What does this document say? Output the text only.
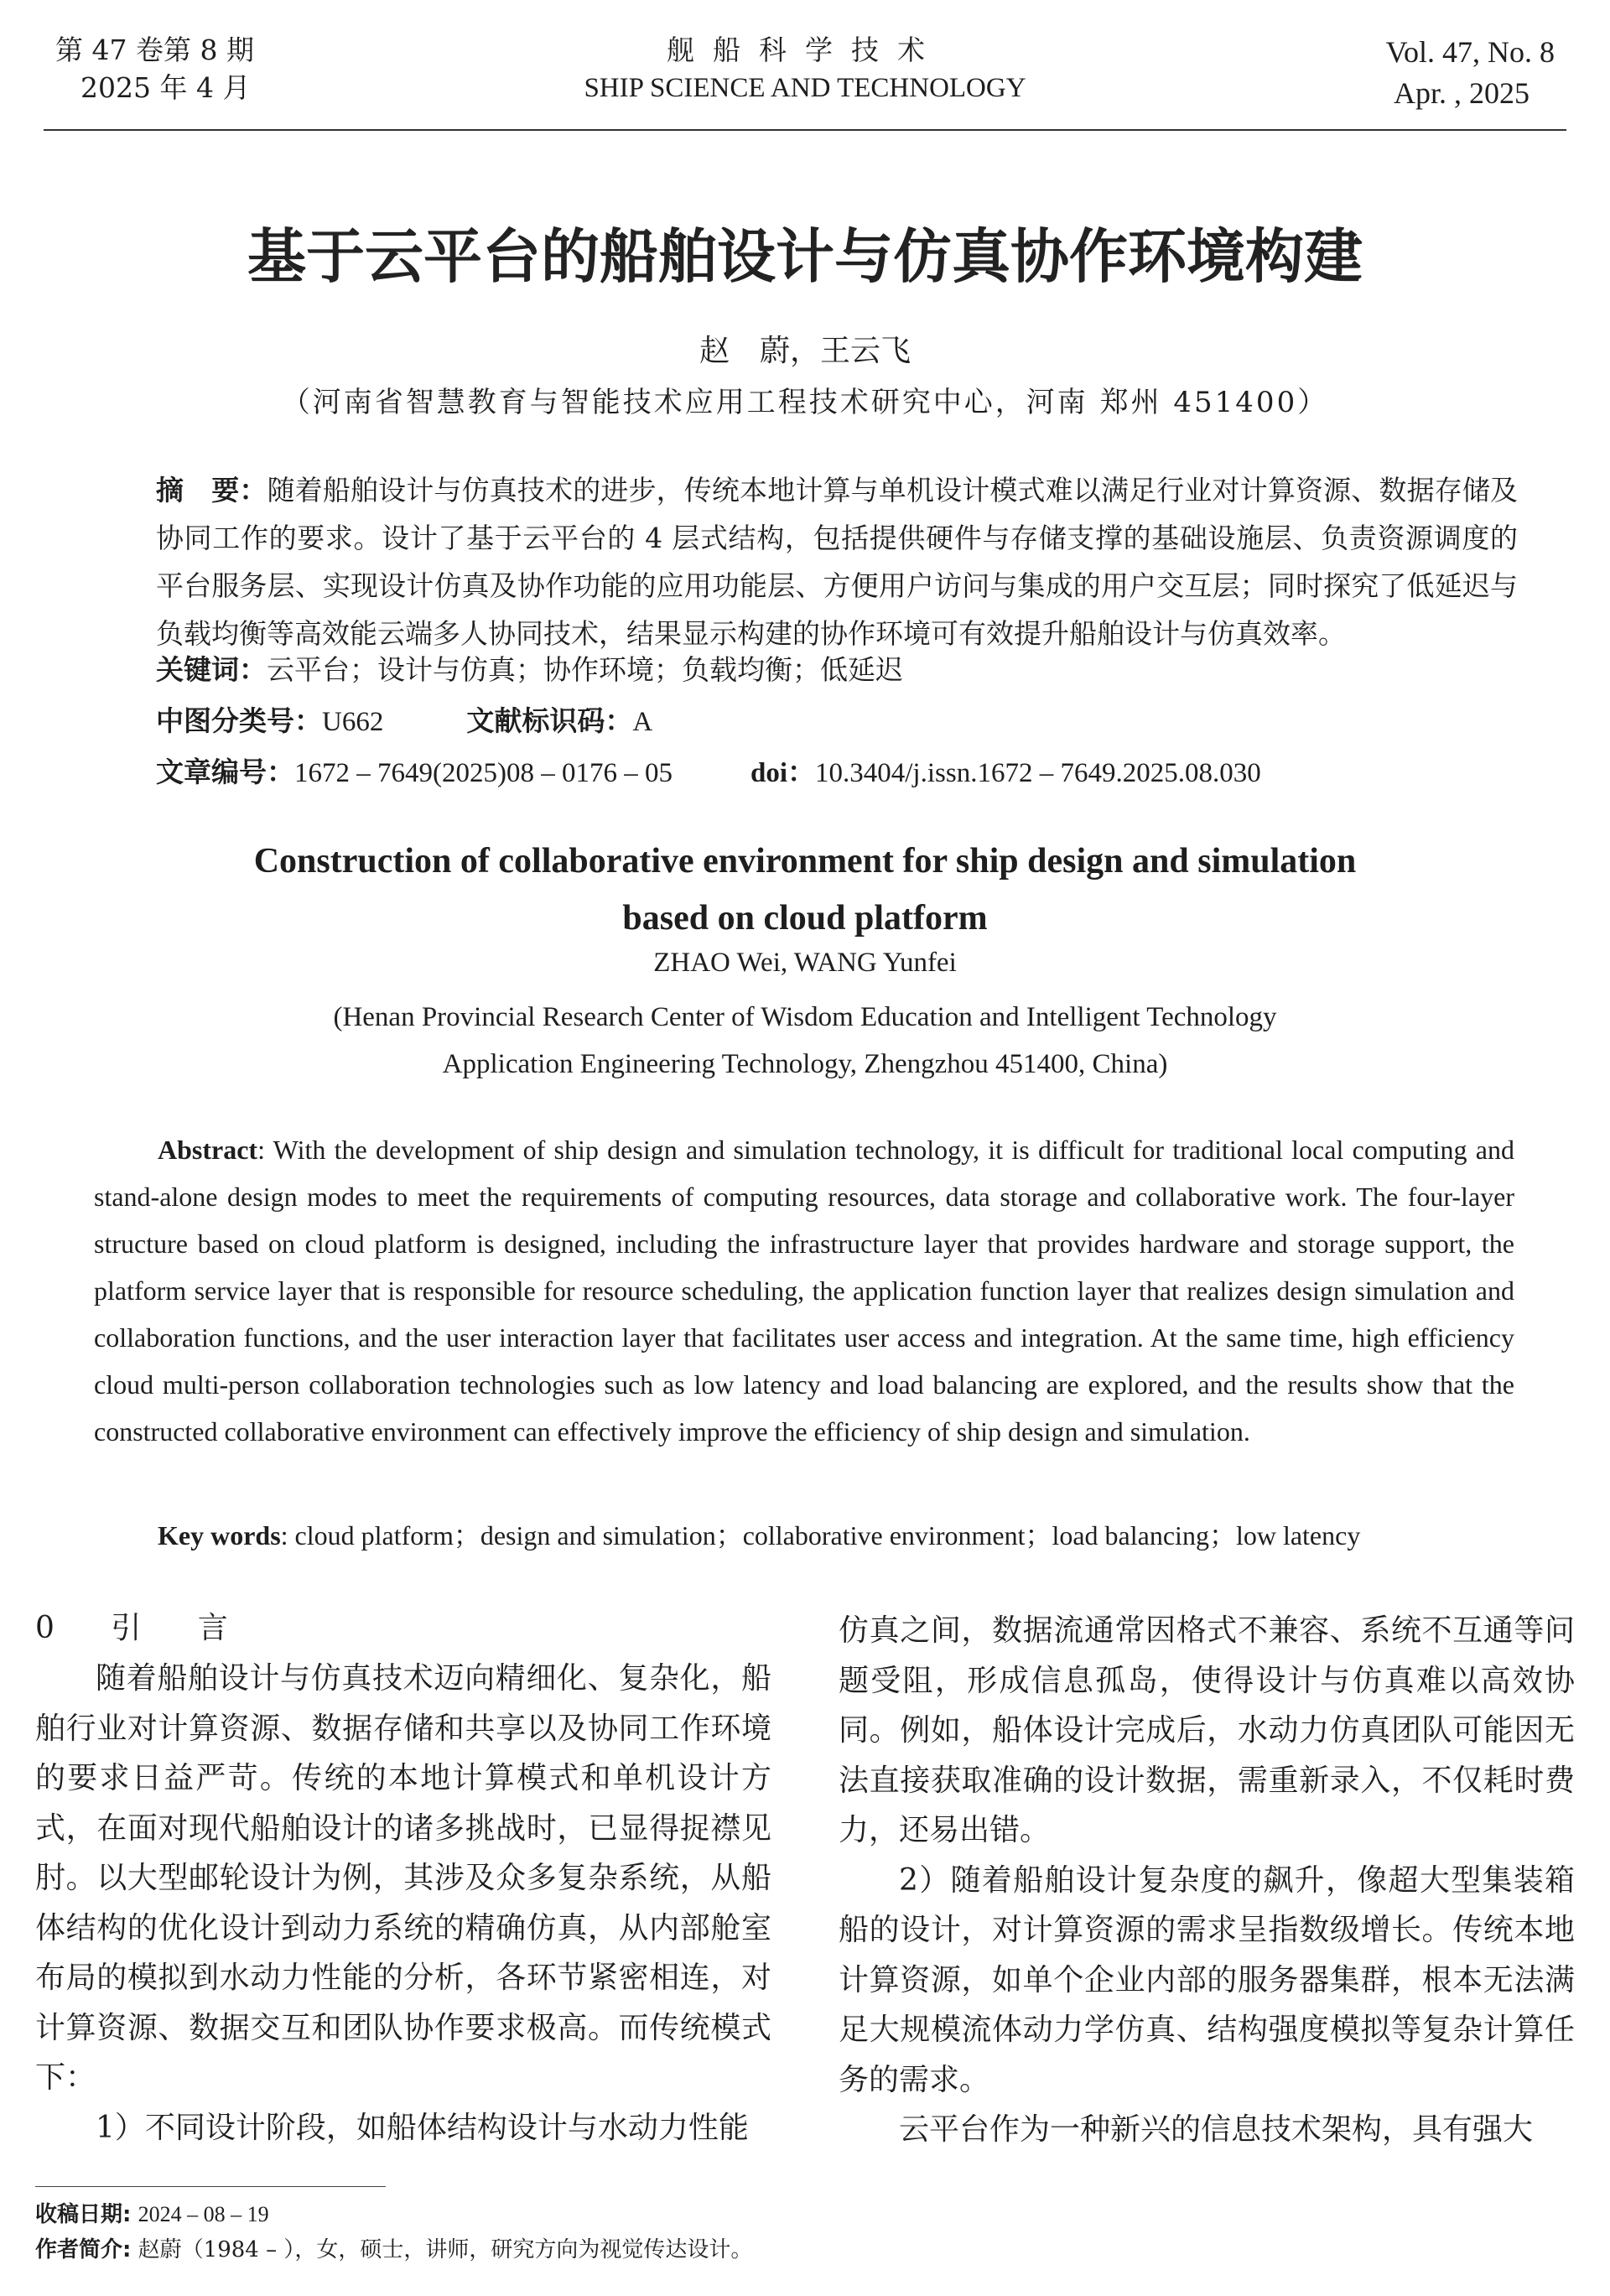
第 47 卷第 8 期
2025 年 4 月
舰船科学技术
SHIP SCIENCE AND TECHNOLOGY
Vol. 47, No. 8
Apr. , 2025
基于云平台的船舶设计与仿真协作环境构建
赵　蔚，王云飞
（河南省智慧教育与智能技术应用工程技术研究中心，河南 郑州 451400）
摘　要：随着船舶设计与仿真技术的进步，传统本地计算与单机设计模式难以满足行业对计算资源、数据存储及协同工作的要求。设计了基于云平台的 4 层式结构，包括提供硬件与存储支撑的基础设施层、负责资源调度的平台服务层、实现设计仿真及协作功能的应用功能层、方便用户访问与集成的用户交互层；同时探究了低延迟与负载均衡等高效能云端多人协同技术，结果显示构建的协作环境可有效提升船舶设计与仿真效率。
关键词：云平台；设计与仿真；协作环境；负载均衡；低延迟
中图分类号：U662	文献标识码：A
文章编号：1672 – 7649(2025)08 – 0176 – 05	doi：10.3404/j.issn.1672 – 7649.2025.08.030
Construction of collaborative environment for ship design and simulation
based on cloud platform
ZHAO Wei, WANG Yunfei
(Henan Provincial Research Center of Wisdom Education and Intelligent Technology
Application Engineering Technology, Zhengzhou 451400, China)
Abstract: With the development of ship design and simulation technology, it is difficult for traditional local computing and stand-alone design modes to meet the requirements of computing resources, data storage and collaborative work. The four-layer structure based on cloud platform is designed, including the infrastructure layer that provides hardware and storage support, the platform service layer that is responsible for resource scheduling, the application function layer that realizes design simulation and collaboration functions, and the user interaction layer that facilitates user access and integration. At the same time, high efficiency cloud multi-person collaboration technologies such as low latency and load balancing are explored, and the results show that the constructed collaborative environment can effectively improve the efficiency of ship design and simulation.
Key words: cloud platform；design and simulation；collaborative environment；load balancing；low latency
0 引 言

随着船舶设计与仿真技术迈向精细化、复杂化，船舶行业对计算资源、数据存储和共享以及协同工作环境的要求日益严苛。传统的本地计算模式和单机设计方式，在面对现代船舶设计的诸多挑战时，已显得捉襟见肘。以大型邮轮设计为例，其涉及众多复杂系统，从船体结构的优化设计到动力系统的精确仿真，从内部舱室布局的模拟到水动力性能的分析，各环节紧密相连，对计算资源、数据交互和团队协作要求极高。而传统模式下：

1）不同设计阶段，如船体结构设计与水动力性能

仿真之间，数据流通常因格式不兼容、系统不互通等问题受阻，形成信息孤岛，使得设计与仿真难以高效协同。例如，船体设计完成后，水动力仿真团队可能因无法直接获取准确的设计数据，需重新录入，不仅耗时费力，还易出错。

2）随着船舶设计复杂度的飙升，像超大型集装箱船的设计，对计算资源的需求呈指数级增长。传统本地计算资源，如单个企业内部的服务器集群，根本无法满足大规模流体动力学仿真、结构强度模拟等复杂计算任务的需求。

云平台作为一种新兴的信息技术架构，具有强大

收稿日期: 2024 – 08 – 19
作者简介: 赵蔚（1984 – ），女，硕士，讲师，研究方向为视觉传达设计。
